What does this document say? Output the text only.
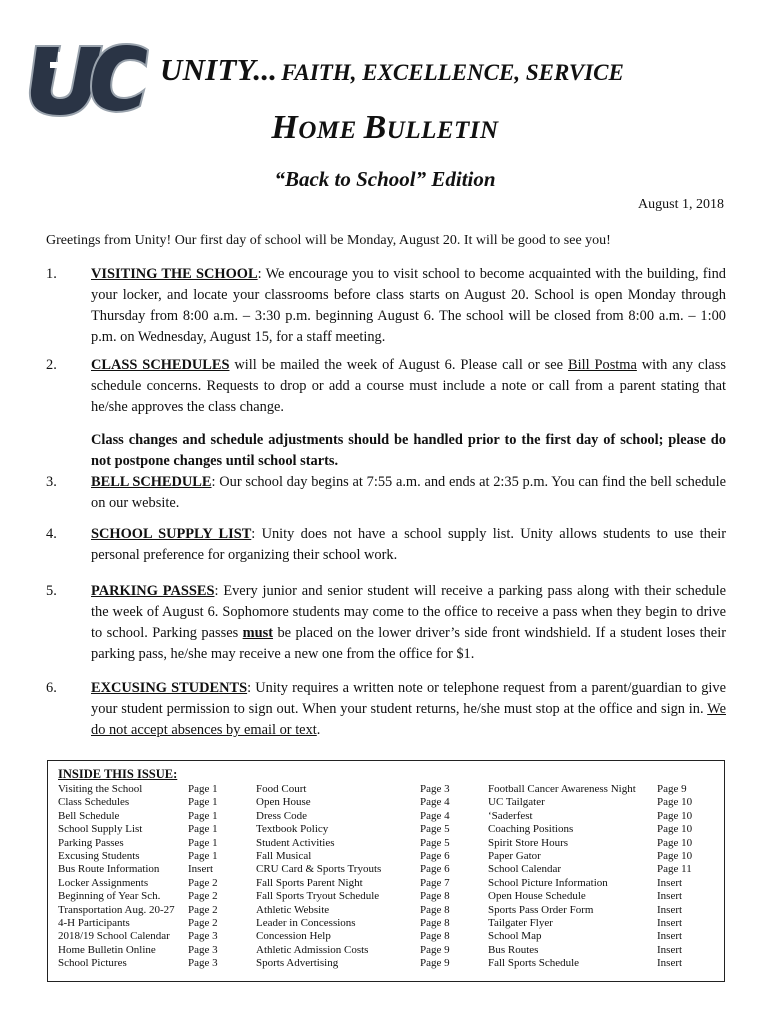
UNITY... FAITH, EXCELLENCE, SERVICE
HOME BULLETIN
“Back to School” Edition
August 1, 2018
Greetings from Unity! Our first day of school will be Monday, August 20. It will be good to see you!
1. VISITING THE SCHOOL: We encourage you to visit school to become acquainted with the building, find your locker, and locate your classrooms before class starts on August 20. School is open Monday through Thursday from 8:00 a.m. – 3:30 p.m. beginning August 6. The school will be closed from 8:00 a.m. – 1:00 p.m. on Wednesday, August 15, for a staff meeting.

2. CLASS SCHEDULES will be mailed the week of August 6. Please call or see Bill Postma with any class schedule concerns. Requests to drop or add a course must include a note or call from a parent stating that he/she approves the class change.

Class changes and schedule adjustments should be handled prior to the first day of school; please do not postpone changes until school starts.

3. BELL SCHEDULE: Our school day begins at 7:55 a.m. and ends at 2:35 p.m. You can find the bell schedule on our website.

4. SCHOOL SUPPLY LIST: Unity does not have a school supply list. Unity allows students to use their personal preference for organizing their school work.

5. PARKING PASSES: Every junior and senior student will receive a parking pass along with their schedule the week of August 6. Sophomore students may come to the office to receive a pass when they begin to drive to school. Parking passes must be placed on the lower driver’s side front windshield. If a student loses their parking pass, he/she may receive a new one from the office for $1.

6. EXCUSING STUDENTS: Unity requires a written note or telephone request from a parent/guardian to give your student permission to sign out. When your student returns, he/she must stop at the office and sign in. We do not accept absences by email or text.

INSIDE THIS ISSUE:
Visiting the School	Page 1
Class Schedules	Page 1
Bell Schedule	Page 1
School Supply List	Page 1
Parking Passes	Page 1
Excusing Students	Page 1
Bus Route Information	Insert
Locker Assignments	Page 2
Beginning of Year Sch.	Page 2
Transportation Aug. 20-27 Page 2
4-H Participants	Page 2
2018/19 School Calendar Page 3
Home Bulletin Online	Page 3
School Pictures	Page 3
Food Court	Page 3
Open House	Page 4
Dress Code	Page 4
Textbook Policy	Page 5
Student Activities	Page 5
Fall Musical	Page 6
CRU Card & Sports Tryouts	Page 6
Fall Sports Parent Night	Page 7
Fall Sports Tryout Schedule	Page 8
Athletic Website	Page 8
Leader in Concessions	Page 8
Concession Help	Page 8
Athletic Admission Costs	Page 9
Sports Advertising	Page 9
Football Cancer Awareness Night Page 9
UC Tailgater	Page 10
‘Saderfest	Page 10
Coaching Positions	Page 10
Spirit Store Hours	Page 10
Paper Gator	Page 10
School Calendar	Page 11
School Picture Information	Insert
Open House Schedule	Insert
Sports Pass Order Form	Insert
Tailgater Flyer	Insert
School Map	Insert
Bus Routes	Insert
Fall Sports Schedule	Insert
